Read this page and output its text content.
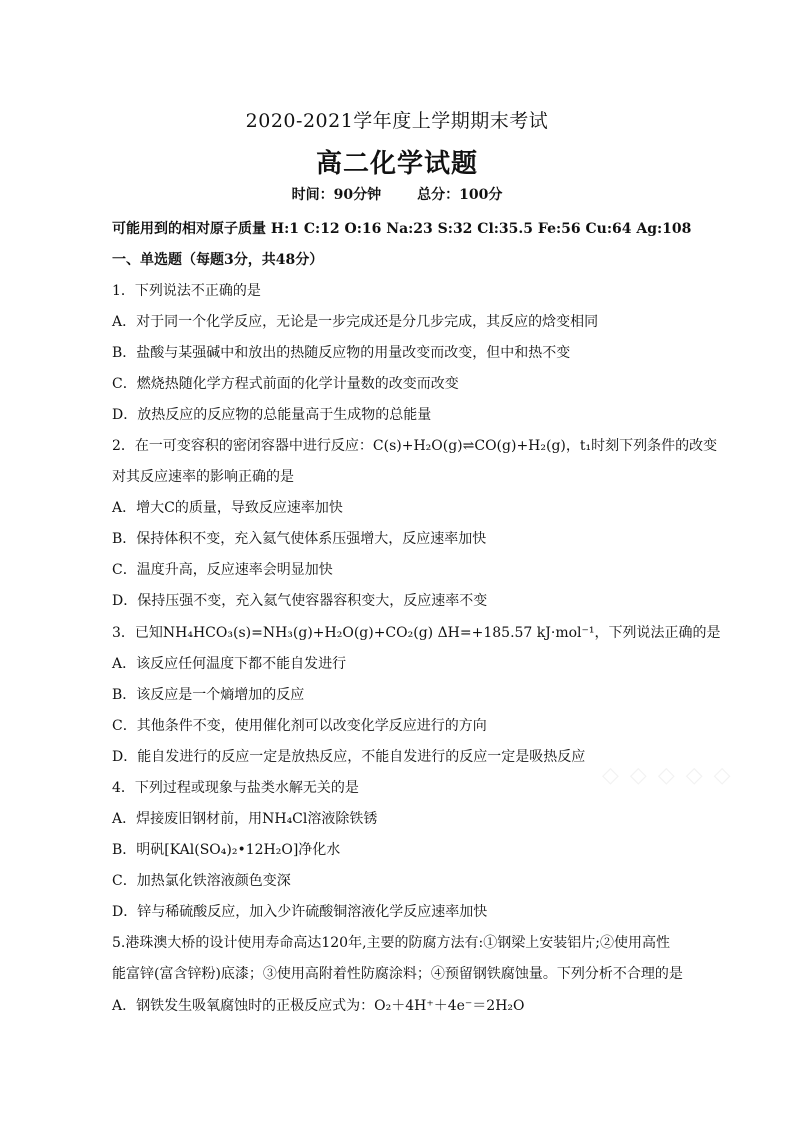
2020-2021学年度上学期期末考试
高二化学试题
时间：90分钟	总分：100分
可能用到的相对原子质量 H:1 C:12 O:16 Na:23 S:32 Cl:35.5 Fe:56 Cu:64 Ag:108
一、单选题（每题3分，共48分）
1．下列说法不正确的是
A．对于同一个化学反应，无论是一步完成还是分几步完成，其反应的焓变相同
B．盐酸与某强碱中和放出的热随反应物的用量改变而改变，但中和热不变
C．燃烧热随化学方程式前面的化学计量数的改变而改变
D．放热反应的反应物的总能量高于生成物的总能量
2．在一可变容积的密闭容器中进行反应：C(s)+H₂O(g)⇌CO(g)+H₂(g)，t₁时刻下列条件的改变
对其反应速率的影响正确的是
A．增大C的质量，导致反应速率加快
B．保持体积不变，充入氦气使体系压强增大，反应速率加快
C．温度升高，反应速率会明显加快
D．保持压强不变，充入氦气使容器容积变大，反应速率不变
3．已知NH₄HCO₃(s)=NH₃(g)+H₂O(g)+CO₂(g) ΔH=+185.57 kJ·mol⁻¹，下列说法正确的是
A．该反应任何温度下都不能自发进行
B．该反应是一个熵增加的反应
C．其他条件不变，使用催化剂可以改变化学反应进行的方向
D．能自发进行的反应一定是放热反应，不能自发进行的反应一定是吸热反应
4．下列过程或现象与盐类水解无关的是
A．焊接废旧钢材前，用NH₄Cl溶液除铁锈
B．明矾[KAl(SO₄)₂•12H₂O]净化水
C．加热氯化铁溶液颜色变深
D．锌与稀硫酸反应，加入少许硫酸铜溶液化学反应速率加快
5.港珠澳大桥的设计使用寿命高达120年,主要的防腐方法有:①钢梁上安装铝片;②使用高性
能富锌(富含锌粉)底漆；③使用高附着性防腐涂料；④预留钢铁腐蚀量。下列分析不合理的是
A．钢铁发生吸氧腐蚀时的正极反应式为：O₂＋4H⁺＋4e⁻＝2H₂O
◇ ◇ ◇ ◇ ◇
